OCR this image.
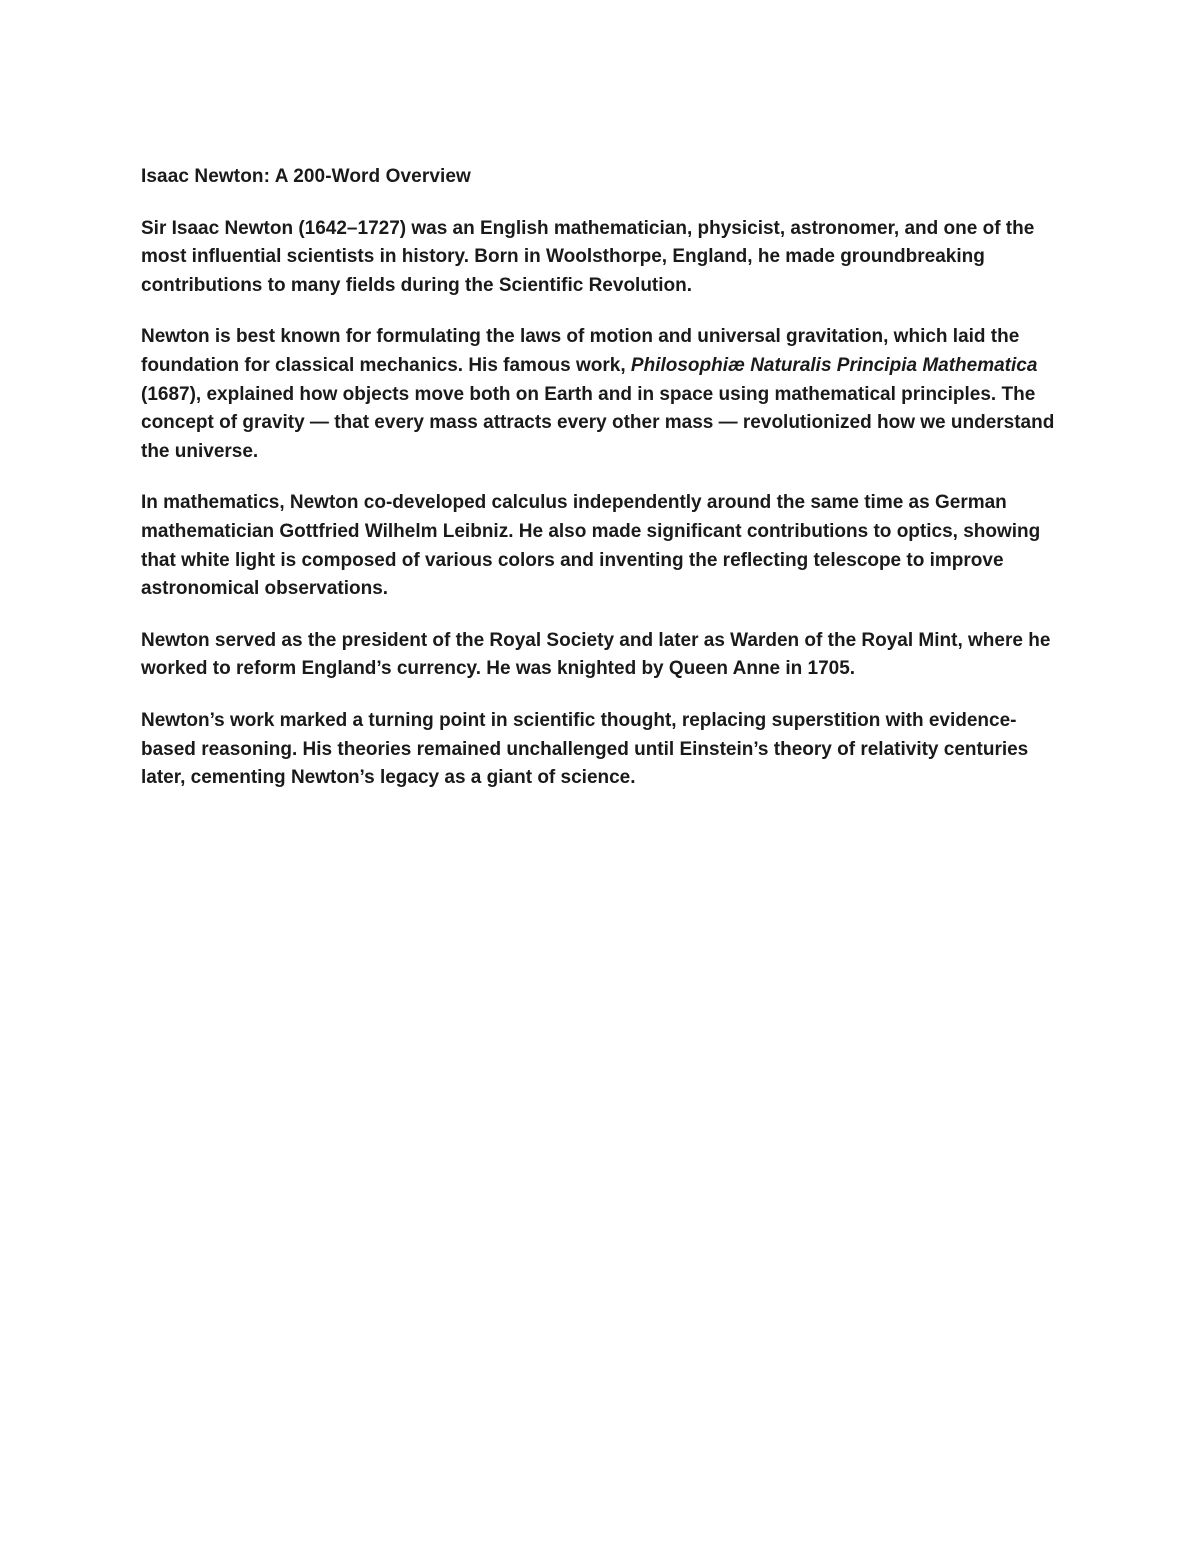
Isaac Newton: A 200-Word Overview

Sir Isaac Newton (1642–1727) was an English mathematician, physicist, astronomer, and one of the most influential scientists in history. Born in Woolsthorpe, England, he made groundbreaking contributions to many fields during the Scientific Revolution.

Newton is best known for formulating the laws of motion and universal gravitation, which laid the foundation for classical mechanics. His famous work, Philosophiæ Naturalis Principia Mathematica (1687), explained how objects move both on Earth and in space using mathematical principles. The concept of gravity — that every mass attracts every other mass — revolutionized how we understand the universe.

In mathematics, Newton co-developed calculus independently around the same time as German mathematician Gottfried Wilhelm Leibniz. He also made significant contributions to optics, showing that white light is composed of various colors and inventing the reflecting telescope to improve astronomical observations.

Newton served as the president of the Royal Society and later as Warden of the Royal Mint, where he worked to reform England’s currency. He was knighted by Queen Anne in 1705.

Newton’s work marked a turning point in scientific thought, replacing superstition with evidence-based reasoning. His theories remained unchallenged until Einstein’s theory of relativity centuries later, cementing Newton’s legacy as a giant of science.
